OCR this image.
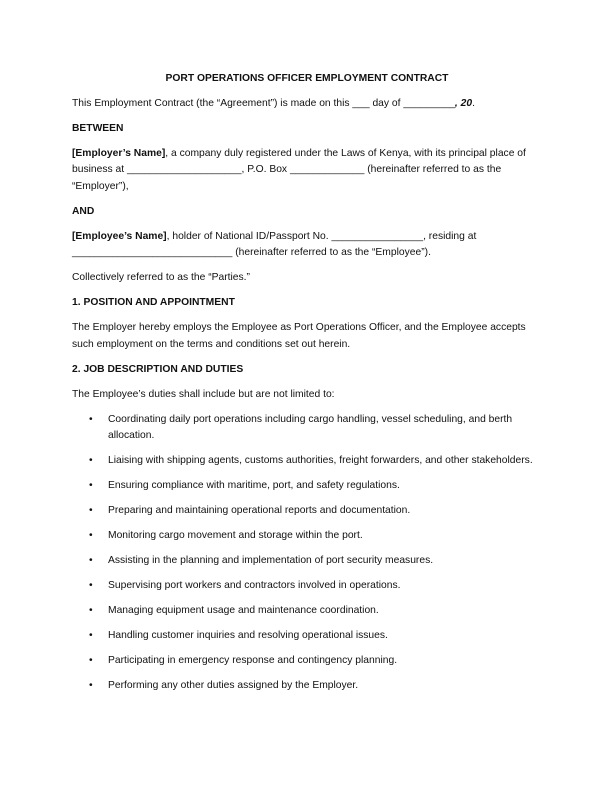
PORT OPERATIONS OFFICER EMPLOYMENT CONTRACT

This Employment Contract (the “Agreement”) is made on this ___ day of _________, 20.

BETWEEN

[Employer’s Name], a company duly registered under the Laws of Kenya, with its principal place of business at ____________________, P.O. Box _____________ (hereinafter referred to as the “Employer”),

AND

[Employee’s Name], holder of National ID/Passport No. ________________, residing at ____________________________ (hereinafter referred to as the “Employee”).

Collectively referred to as the “Parties.”

1. POSITION AND APPOINTMENT

The Employer hereby employs the Employee as Port Operations Officer, and the Employee accepts such employment on the terms and conditions set out herein.

2. JOB DESCRIPTION AND DUTIES

The Employee’s duties shall include but are not limited to:

• Coordinating daily port operations including cargo handling, vessel scheduling, and berth allocation.
• Liaising with shipping agents, customs authorities, freight forwarders, and other stakeholders.
• Ensuring compliance with maritime, port, and safety regulations.
• Preparing and maintaining operational reports and documentation.
• Monitoring cargo movement and storage within the port.
• Assisting in the planning and implementation of port security measures.
• Supervising port workers and contractors involved in operations.
• Managing equipment usage and maintenance coordination.
• Handling customer inquiries and resolving operational issues.
• Participating in emergency response and contingency planning.
• Performing any other duties assigned by the Employer.
